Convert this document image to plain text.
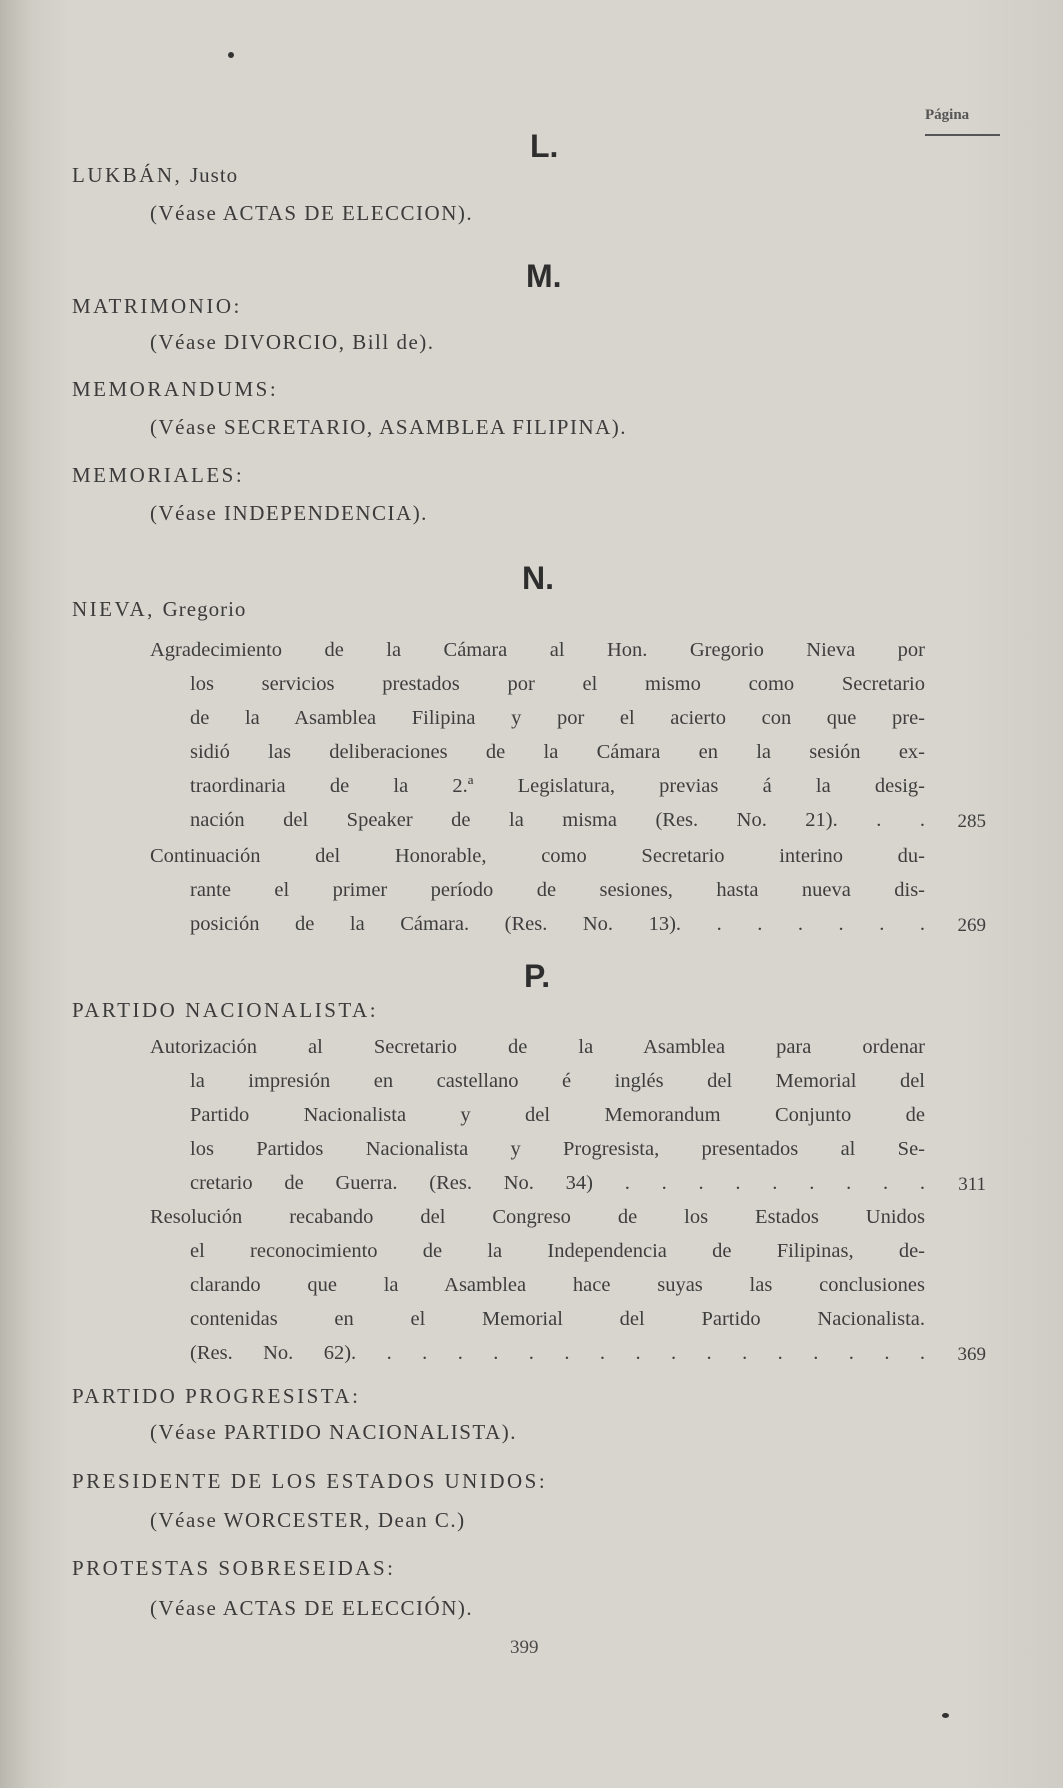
Página
L.
LUKBÁN, Justo
(Véase ACTAS DE ELECCION).
M.
MATRIMONIO:
(Véase DIVORCIO, Bill de).
MEMORANDUMS:
(Véase SECRETARIO, ASAMBLEA FILIPINA).
MEMORIALES:
(Véase INDEPENDENCIA).
N.
NIEVA, Gregorio
Agradecimiento de la Cámara al Hon. Gregorio Nieva por
los servicios prestados por el mismo como Secretario
de la Asamblea Filipina y por el acierto con que pre-
sidió las deliberaciones de la Cámara en la sesión ex-
traordinaria de la 2.ª Legislatura, previas á la desig-
nación del Speaker de la misma (Res. No. 21). . .	285
Continuación del Honorable, como Secretario interino du-
rante el primer período de sesiones, hasta nueva dis-
posición de la Cámara. (Res. No. 13). . . . . . .	269
P.
PARTIDO NACIONALISTA:
Autorización al Secretario de la Asamblea para ordenar
la impresión en castellano é inglés del Memorial del
Partido Nacionalista y del Memorandum Conjunto de
los Partidos Nacionalista y Progresista, presentados al Se-
cretario de Guerra. (Res. No. 34) . . . . . . . . .	311
Resolución recabando del Congreso de los Estados Unidos
el reconocimiento de la Independencia de Filipinas, de-
clarando que la Asamblea hace suyas las conclusiones
contenidas en el Memorial del Partido Nacionalista.
(Res. No. 62). . . . . . . . . . . . . . . . .	369
PARTIDO PROGRESISTA:
(Véase PARTIDO NACIONALISTA).
PRESIDENTE DE LOS ESTADOS UNIDOS:
(Véase WORCESTER, Dean C.)
PROTESTAS SOBRESEIDAS:
(Véase ACTAS DE ELECCIÓN).
399
